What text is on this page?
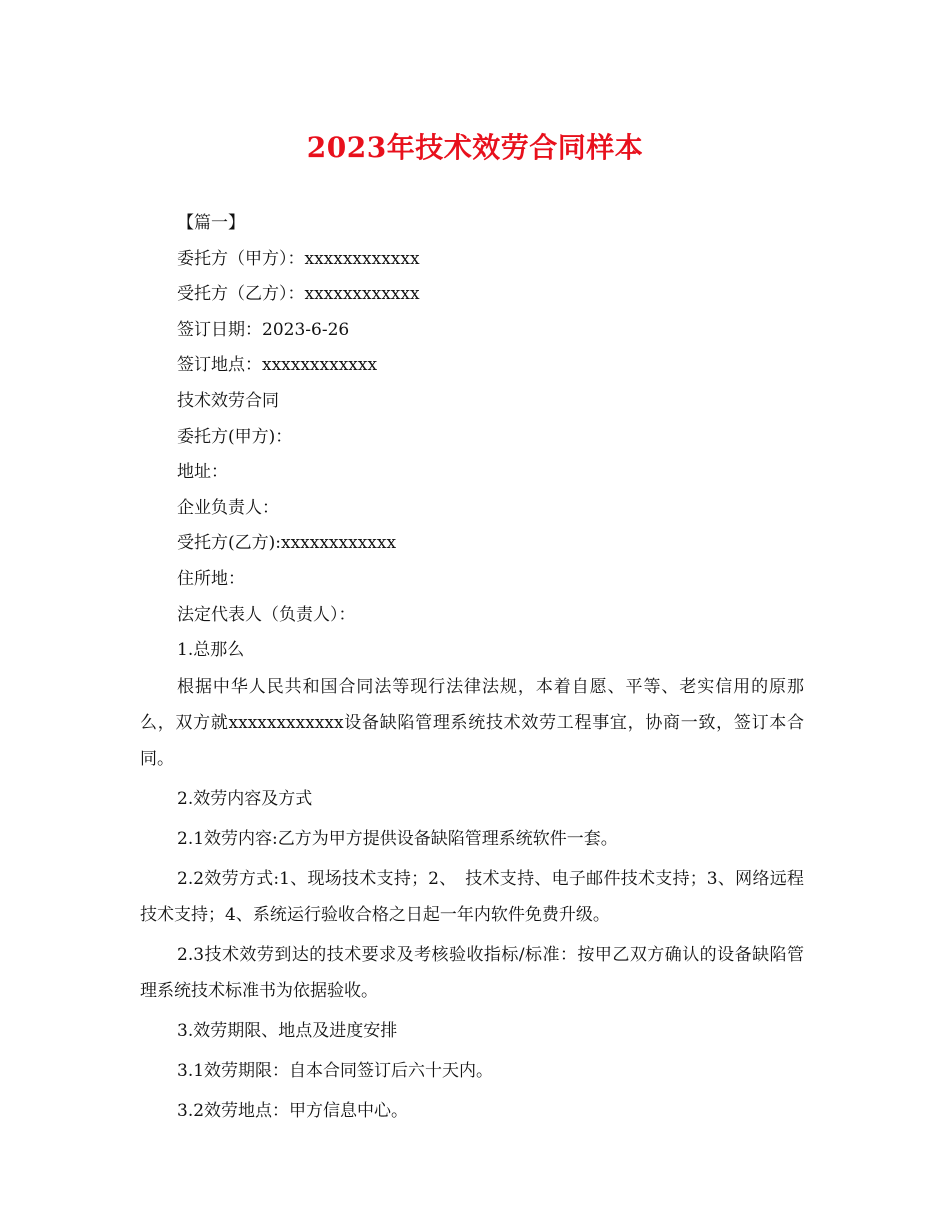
2023年技术效劳合同样本

【篇一】

委托方（甲方）：xxxxxxxxxxxx

受托方（乙方）：xxxxxxxxxxxx

签订日期：2023-6-26

签订地点：xxxxxxxxxxxx

技术效劳合同

委托方(甲方)：

地址：

企业负责人：

受托方(乙方):xxxxxxxxxxxx

住所地：

法定代表人（负责人）：

1.总那么

根据中华人民共和国合同法等现行法律法规，本着自愿、平等、老实信用的原那么，双方就xxxxxxxxxxxx设备缺陷管理系统技术效劳工程事宜，协商一致，签订本合同。

2.效劳内容及方式

2.1效劳内容:乙方为甲方提供设备缺陷管理系统软件一套。

2.2效劳方式:1、现场技术支持；2、　技术支持、电子邮件技术支持；3、网络远程技术支持；4、系统运行验收合格之日起一年内软件免费升级。

2.3技术效劳到达的技术要求及考核验收指标/标准：按甲乙双方确认的设备缺陷管理系统技术标准书为依据验收。

3.效劳期限、地点及进度安排

3.1效劳期限：自本合同签订后六十天内。

3.2效劳地点：甲方信息中心。
